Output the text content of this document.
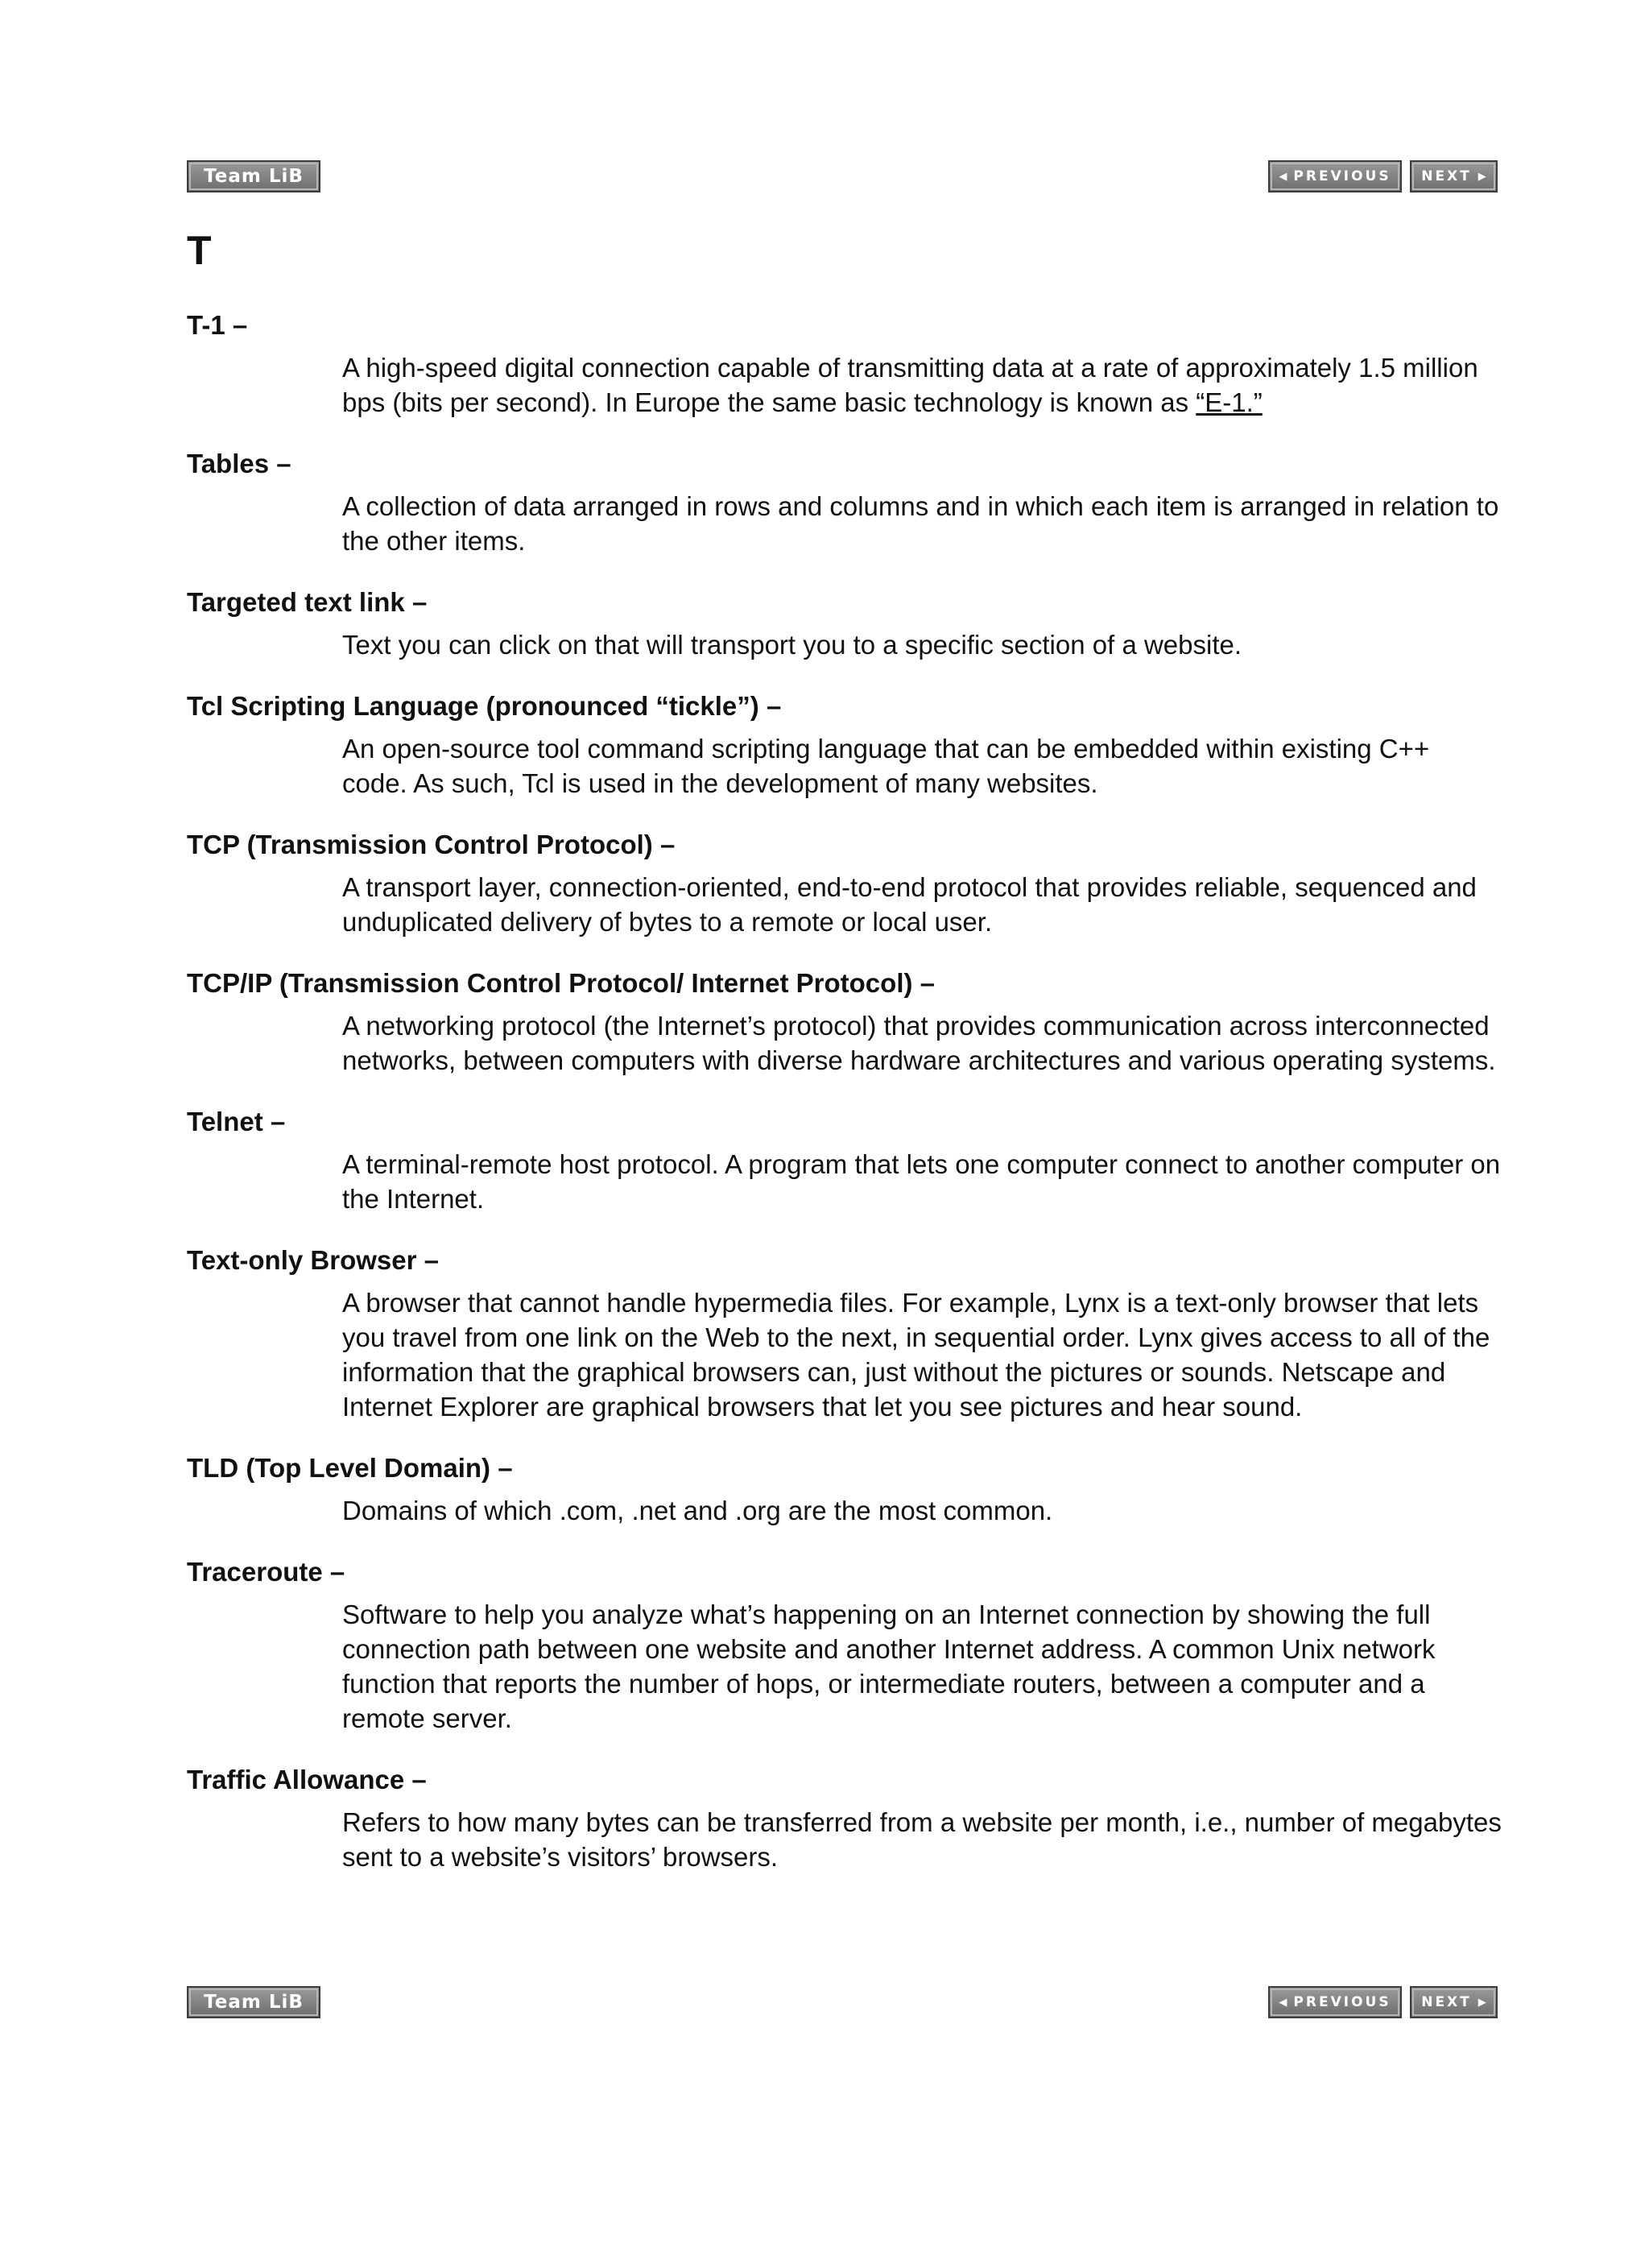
Team LiB	◀ PREVIOUS NEXT ▶
T
T-1 –
A high-speed digital connection capable of transmitting data at a rate of approximately 1.5 million bps (bits per second). In Europe the same basic technology is known as “E-1.”
Tables –
A collection of data arranged in rows and columns and in which each item is arranged in relation to the other items.
Targeted text link –
Text you can click on that will transport you to a specific section of a website.
Tcl Scripting Language (pronounced “tickle”) –
An open-source tool command scripting language that can be embedded within existing C++ code. As such, Tcl is used in the development of many websites.
TCP (Transmission Control Protocol) –
A transport layer, connection-oriented, end-to-end protocol that provides reliable, sequenced and unduplicated delivery of bytes to a remote or local user.
TCP/IP (Transmission Control Protocol/ Internet Protocol) –
A networking protocol (the Internet’s protocol) that provides communication across interconnected networks, between computers with diverse hardware architectures and various operating systems.
Telnet –
A terminal-remote host protocol. A program that lets one computer connect to another computer on the Internet.
Text-only Browser –
A browser that cannot handle hypermedia files. For example, Lynx is a text-only browser that lets you travel from one link on the Web to the next, in sequential order. Lynx gives access to all of the information that the graphical browsers can, just without the pictures or sounds. Netscape and Internet Explorer are graphical browsers that let you see pictures and hear sound.
TLD (Top Level Domain) –
Domains of which .com, .net and .org are the most common.
Traceroute –
Software to help you analyze what’s happening on an Internet connection by showing the full connection path between one website and another Internet address. A common Unix network function that reports the number of hops, or intermediate routers, between a computer and a remote server.
Traffic Allowance –
Refers to how many bytes can be transferred from a website per month, i.e., number of megabytes sent to a website’s visitors’ browsers.
Team LiB	◀ PREVIOUS NEXT ▶
